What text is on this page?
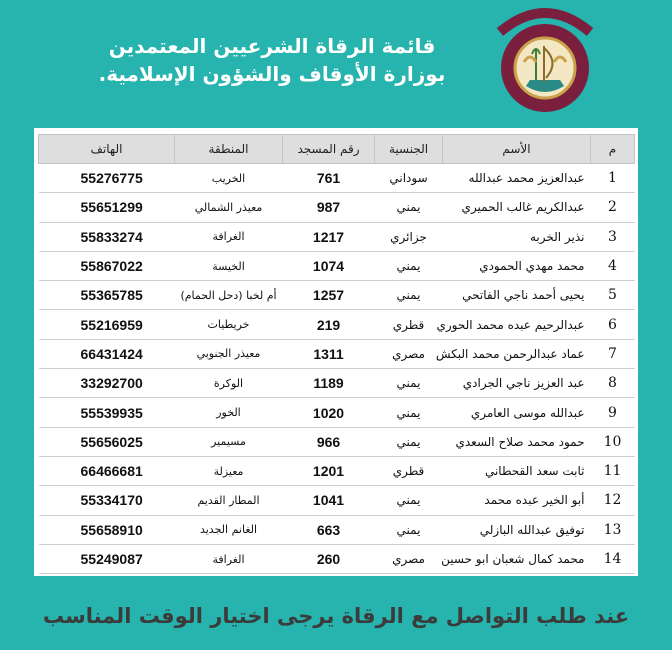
قائمة الرقاة الشرعيين المعتمدين
بوزارة الأوقاف والشؤون الإسلامية.
م	الأسم	الجنسية	رقم المسجد	المنطقة	الهاتف
1	عبدالعزيز محمد عبدالله	سوداني	761	الخريب	55276775
2	عبدالكريم غالب الحميري	يمني	987	معيذر الشمالي	55651299
3	نذير الخربه	جزائري	1217	الغرافة	55833274
4	محمد مهدي الحمودي	يمني	1074	الخيسة	55867022
5	يحيى أحمد ناجي الفاتحي	يمني	1257	أم لخبا (دحل الحمام)	55365785
6	عبدالرحيم عبده محمد الحوري	قطري	219	خريطيات	55216959
7	عماد عبدالرحمن محمد البكش	مصري	1311	معيذر الجنوبي	66431424
8	عبد العزيز ناجي الجرادي	يمني	1189	الوكرة	33292700
9	عبدالله موسى العامري	يمني	1020	الخور	55539935
10	حمود محمد صلاح السعدي	يمني	966	مسيمير	55656025
11	ثابت سعد القحطاني	قطري	1201	معيزلة	66466681
12	أبو الخير عبده محمد	يمني	1041	المطار القديم	55334170
13	توفيق عبدالله البازلي	يمني	663	الغانم الجديد	55658910
14	محمد كمال شعبان ابو حسين	مصري	260	الغرافة	55249087
عند طلب التواصل مع الرقاة يرجى اختيار الوقت المناسب
